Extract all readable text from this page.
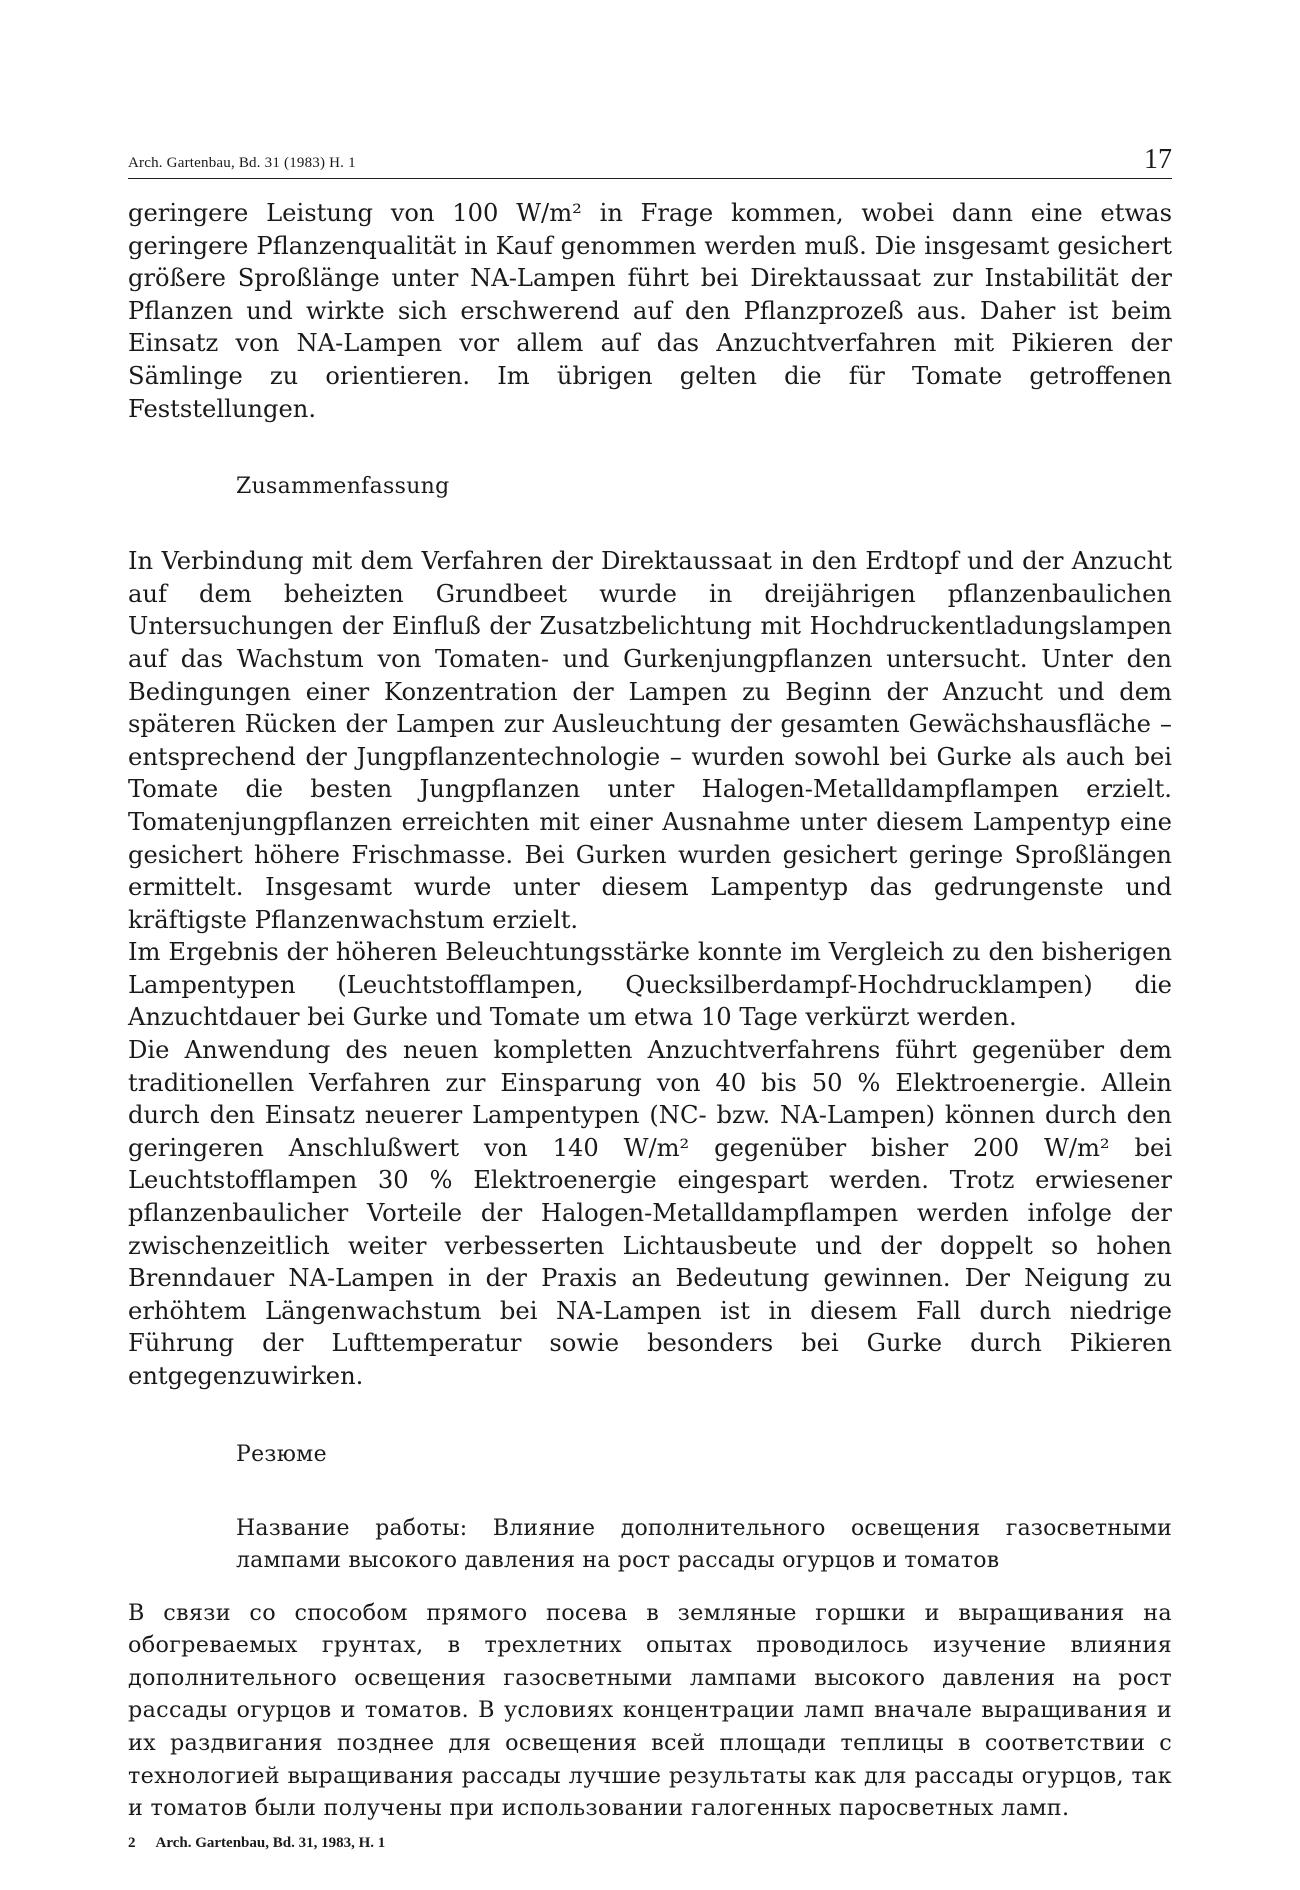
Arch. Gartenbau, Bd. 31 (1983) H. 1	17

geringere Leistung von 100 W/m² in Frage kommen, wobei dann eine etwas geringere Pflanzenqualität in Kauf genommen werden muß. Die insgesamt gesichert größere Sproßlänge unter NA-Lampen führt bei Direktaussaat zur Instabilität der Pflanzen und wirkte sich erschwerend auf den Pflanzprozeß aus. Daher ist beim Einsatz von NA-Lampen vor allem auf das Anzuchtverfahren mit Pikieren der Sämlinge zu orientieren. Im übrigen gelten die für Tomate getroffenen Feststellungen.

Zusammenfassung

In Verbindung mit dem Verfahren der Direktaussaat in den Erdtopf und der Anzucht auf dem beheizten Grundbeet wurde in dreijährigen pflanzenbaulichen Untersuchungen der Einfluß der Zusatzbelichtung mit Hochdruckentladungslampen auf das Wachstum von Tomaten- und Gurkenjungpflanzen untersucht. Unter den Bedingungen einer Konzentration der Lampen zu Beginn der Anzucht und dem späteren Rücken der Lampen zur Ausleuchtung der gesamten Gewächshausfläche – entsprechend der Jungpflanzentechnologie – wurden sowohl bei Gurke als auch bei Tomate die besten Jungpflanzen unter Halogen-Metalldampflampen erzielt. Tomatenjungpflanzen erreichten mit einer Ausnahme unter diesem Lampentyp eine gesichert höhere Frischmasse. Bei Gurken wurden gesichert geringe Sproßlängen ermittelt. Insgesamt wurde unter diesem Lampentyp das gedrungenste und kräftigste Pflanzenwachstum erzielt.

Im Ergebnis der höheren Beleuchtungsstärke konnte im Vergleich zu den bisherigen Lampentypen (Leuchtstofflampen, Quecksilberdampf-Hochdrucklampen) die Anzuchtdauer bei Gurke und Tomate um etwa 10 Tage verkürzt werden.

Die Anwendung des neuen kompletten Anzuchtverfahrens führt gegenüber dem traditionellen Verfahren zur Einsparung von 40 bis 50 % Elektroenergie. Allein durch den Einsatz neuerer Lampentypen (NC- bzw. NA-Lampen) können durch den geringeren Anschlußwert von 140 W/m² gegenüber bisher 200 W/m² bei Leuchtstofflampen 30 % Elektroenergie eingespart werden. Trotz erwiesener pflanzenbaulicher Vorteile der Halogen-Metalldampflampen werden infolge der zwischenzeitlich weiter verbesserten Lichtausbeute und der doppelt so hohen Brenndauer NA-Lampen in der Praxis an Bedeutung gewinnen. Der Neigung zu erhöhtem Längenwachstum bei NA-Lampen ist in diesem Fall durch niedrige Führung der Lufttemperatur sowie besonders bei Gurke durch Pikieren entgegenzuwirken.

Резюме
Название работы: Влияние дополнительного освещения газосветными лампами высокого давления на рост рассады огурцов и томатов

В связи со способом прямого посева в земляные горшки и выращивания на обогреваемых грунтах, в трехлетних опытах проводилось изучение влияния дополнительного освещения газосветными лампами высокого давления на рост рассады огурцов и томатов. В условиях концентрации ламп вначале выращивания и их раздвигания позднее для освещения всей площади теплицы в соответствии с технологией выращивания рассады лучшие результаты как для рассады огурцов, так и томатов были получены при использовании галогенных паросветных ламп.

2 Arch. Gartenbau, Bd. 31, 1983, H. 1
